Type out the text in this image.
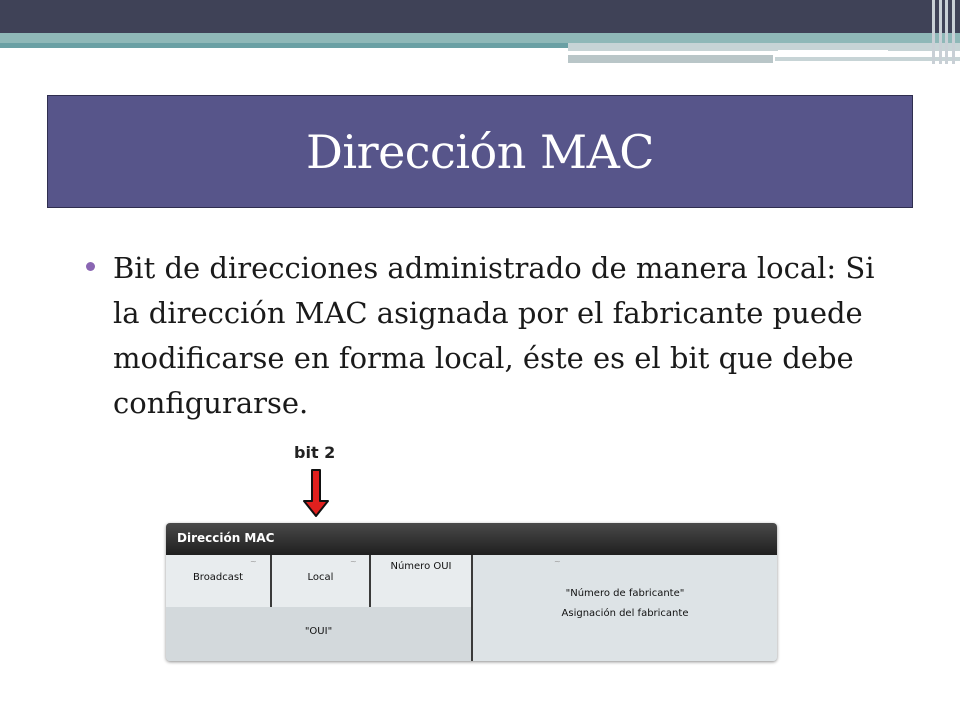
Dirección MAC
Bit de direcciones administrado de manera local: Si la dirección MAC asignada por el fabricante puede modificarse en forma local, éste es el bit que debe configurarse.
bit 2
Dirección MAC
~	~	~
Broadcast	Local
Número OUI
"Número de fabricante"
Asignación del fabricante
"OUI"
